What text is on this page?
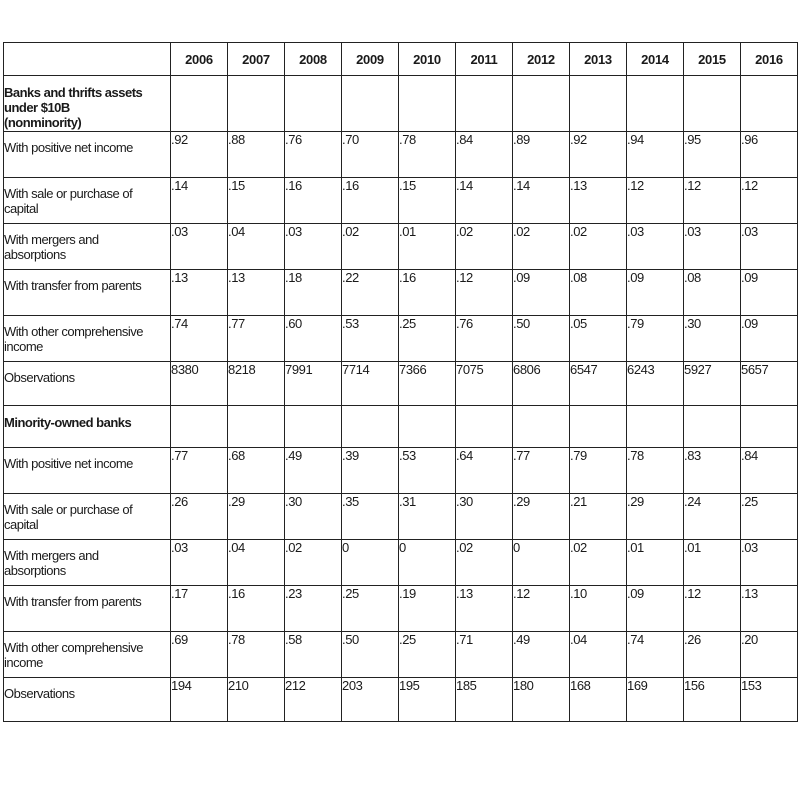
	2006	2007	2008	2009	2010	2011	2012	2013	2014	2015	2016
Banks and thrifts assets under $10B (nonminority)											
With positive net income	.92	.88	.76	.70	.78	.84	.89	.92	.94	.95	.96
With sale or purchase of capital	.14	.15	.16	.16	.15	.14	.14	.13	.12	.12	.12
With mergers and absorptions	.03	.04	.03	.02	.01	.02	.02	.02	.03	.03	.03
With transfer from parents	.13	.13	.18	.22	.16	.12	.09	.08	.09	.08	.09
With other comprehensive income	.74	.77	.60	.53	.25	.76	.50	.05	.79	.30	.09
Observations	8380	8218	7991	7714	7366	7075	6806	6547	6243	5927	5657
Minority-owned banks											
With positive net income	.77	.68	.49	.39	.53	.64	.77	.79	.78	.83	.84
With sale or purchase of capital	.26	.29	.30	.35	.31	.30	.29	.21	.29	.24	.25
With mergers and absorptions	.03	.04	.02	0	0	.02	0	.02	.01	.01	.03
With transfer from parents	.17	.16	.23	.25	.19	.13	.12	.10	.09	.12	.13
With other comprehensive income	.69	.78	.58	.50	.25	.71	.49	.04	.74	.26	.20
Observations	194	210	212	203	195	185	180	168	169	156	153
